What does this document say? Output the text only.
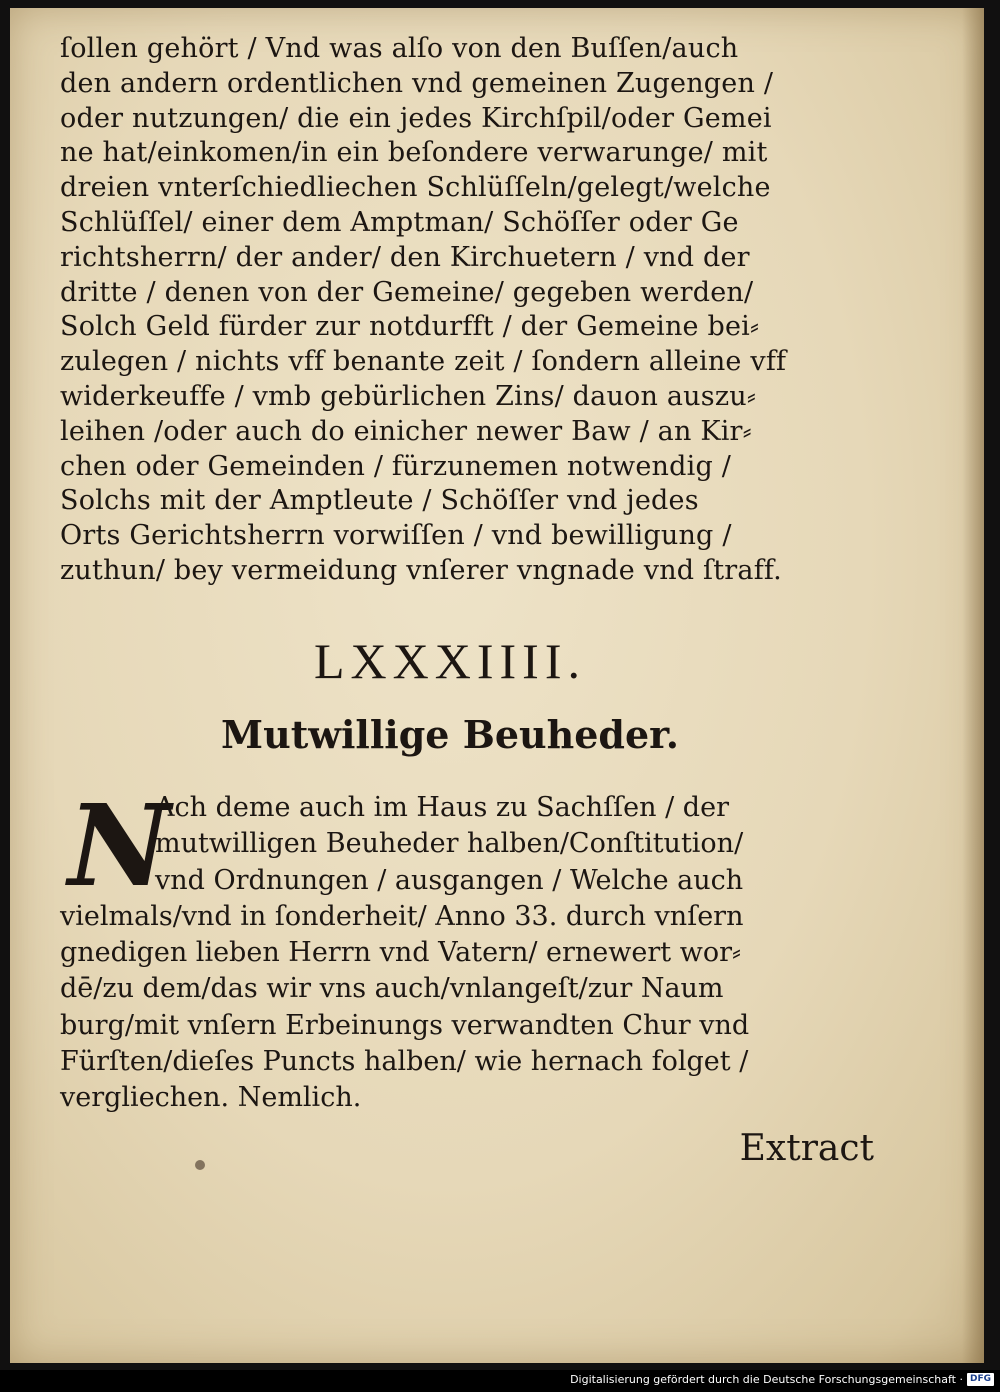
ſollen gehört / Vnd was alſo von den Buſſen/auch
den andern ordentlichen vnd gemeinen Zugengen /
oder nutzungen/ die ein jedes Kirchſpil/oder Gemei
ne hat/einkomen/in ein beſondere verwarunge/ mit
dreien vnterſchiedliechen Schlüſſeln/gelegt/welche
Schlüſſel/ einer dem Amptman/ Schöſſer oder Ge
richtsherrn/ der ander/ den Kirchuetern / vnd der
dritte / denen von der Gemeine/ gegeben werden/
Solch Geld fürder zur notdurfft / der Gemeine bei⸗
zulegen / nichts vff benante zeit / ſondern alleine vff
widerkeuffe / vmb gebürlichen Zins/ dauon auszu⸗
leihen /oder auch do einicher newer Baw / an Kir⸗
chen oder Gemeinden / fürzunemen notwendig /
Solchs mit der Amptleute / Schöſſer vnd jedes
Orts Gerichtsherrn vorwiſſen / vnd bewilligung /
zuthun/ bey vermeidung vnſerer vngnade vnd ſtraff.
LXXXIIII.
Mutwillige Beuheder.
N
Ach deme auch im Haus zu Sachſſen / der
mutwilligen Beuheder halben/Conſtitution/
vnd Ordnungen / ausgangen / Welche auch
vielmals/vnd in ſonderheit/ Anno 33. durch vnſern
gnedigen lieben Herrn vnd Vatern/ ernewert wor⸗
dē/zu dem/das wir vns auch/vnlangeſt/zur Naum
burg/mit vnſern Erbeinungs verwandten Chur vnd
Fürſten/dieſes Puncts halben/ wie hernach folget /
vergliechen. Nemlich.
Extract
Digitalisierung gefördert durch die Deutsche Forschungsgemeinschaft · DFG
